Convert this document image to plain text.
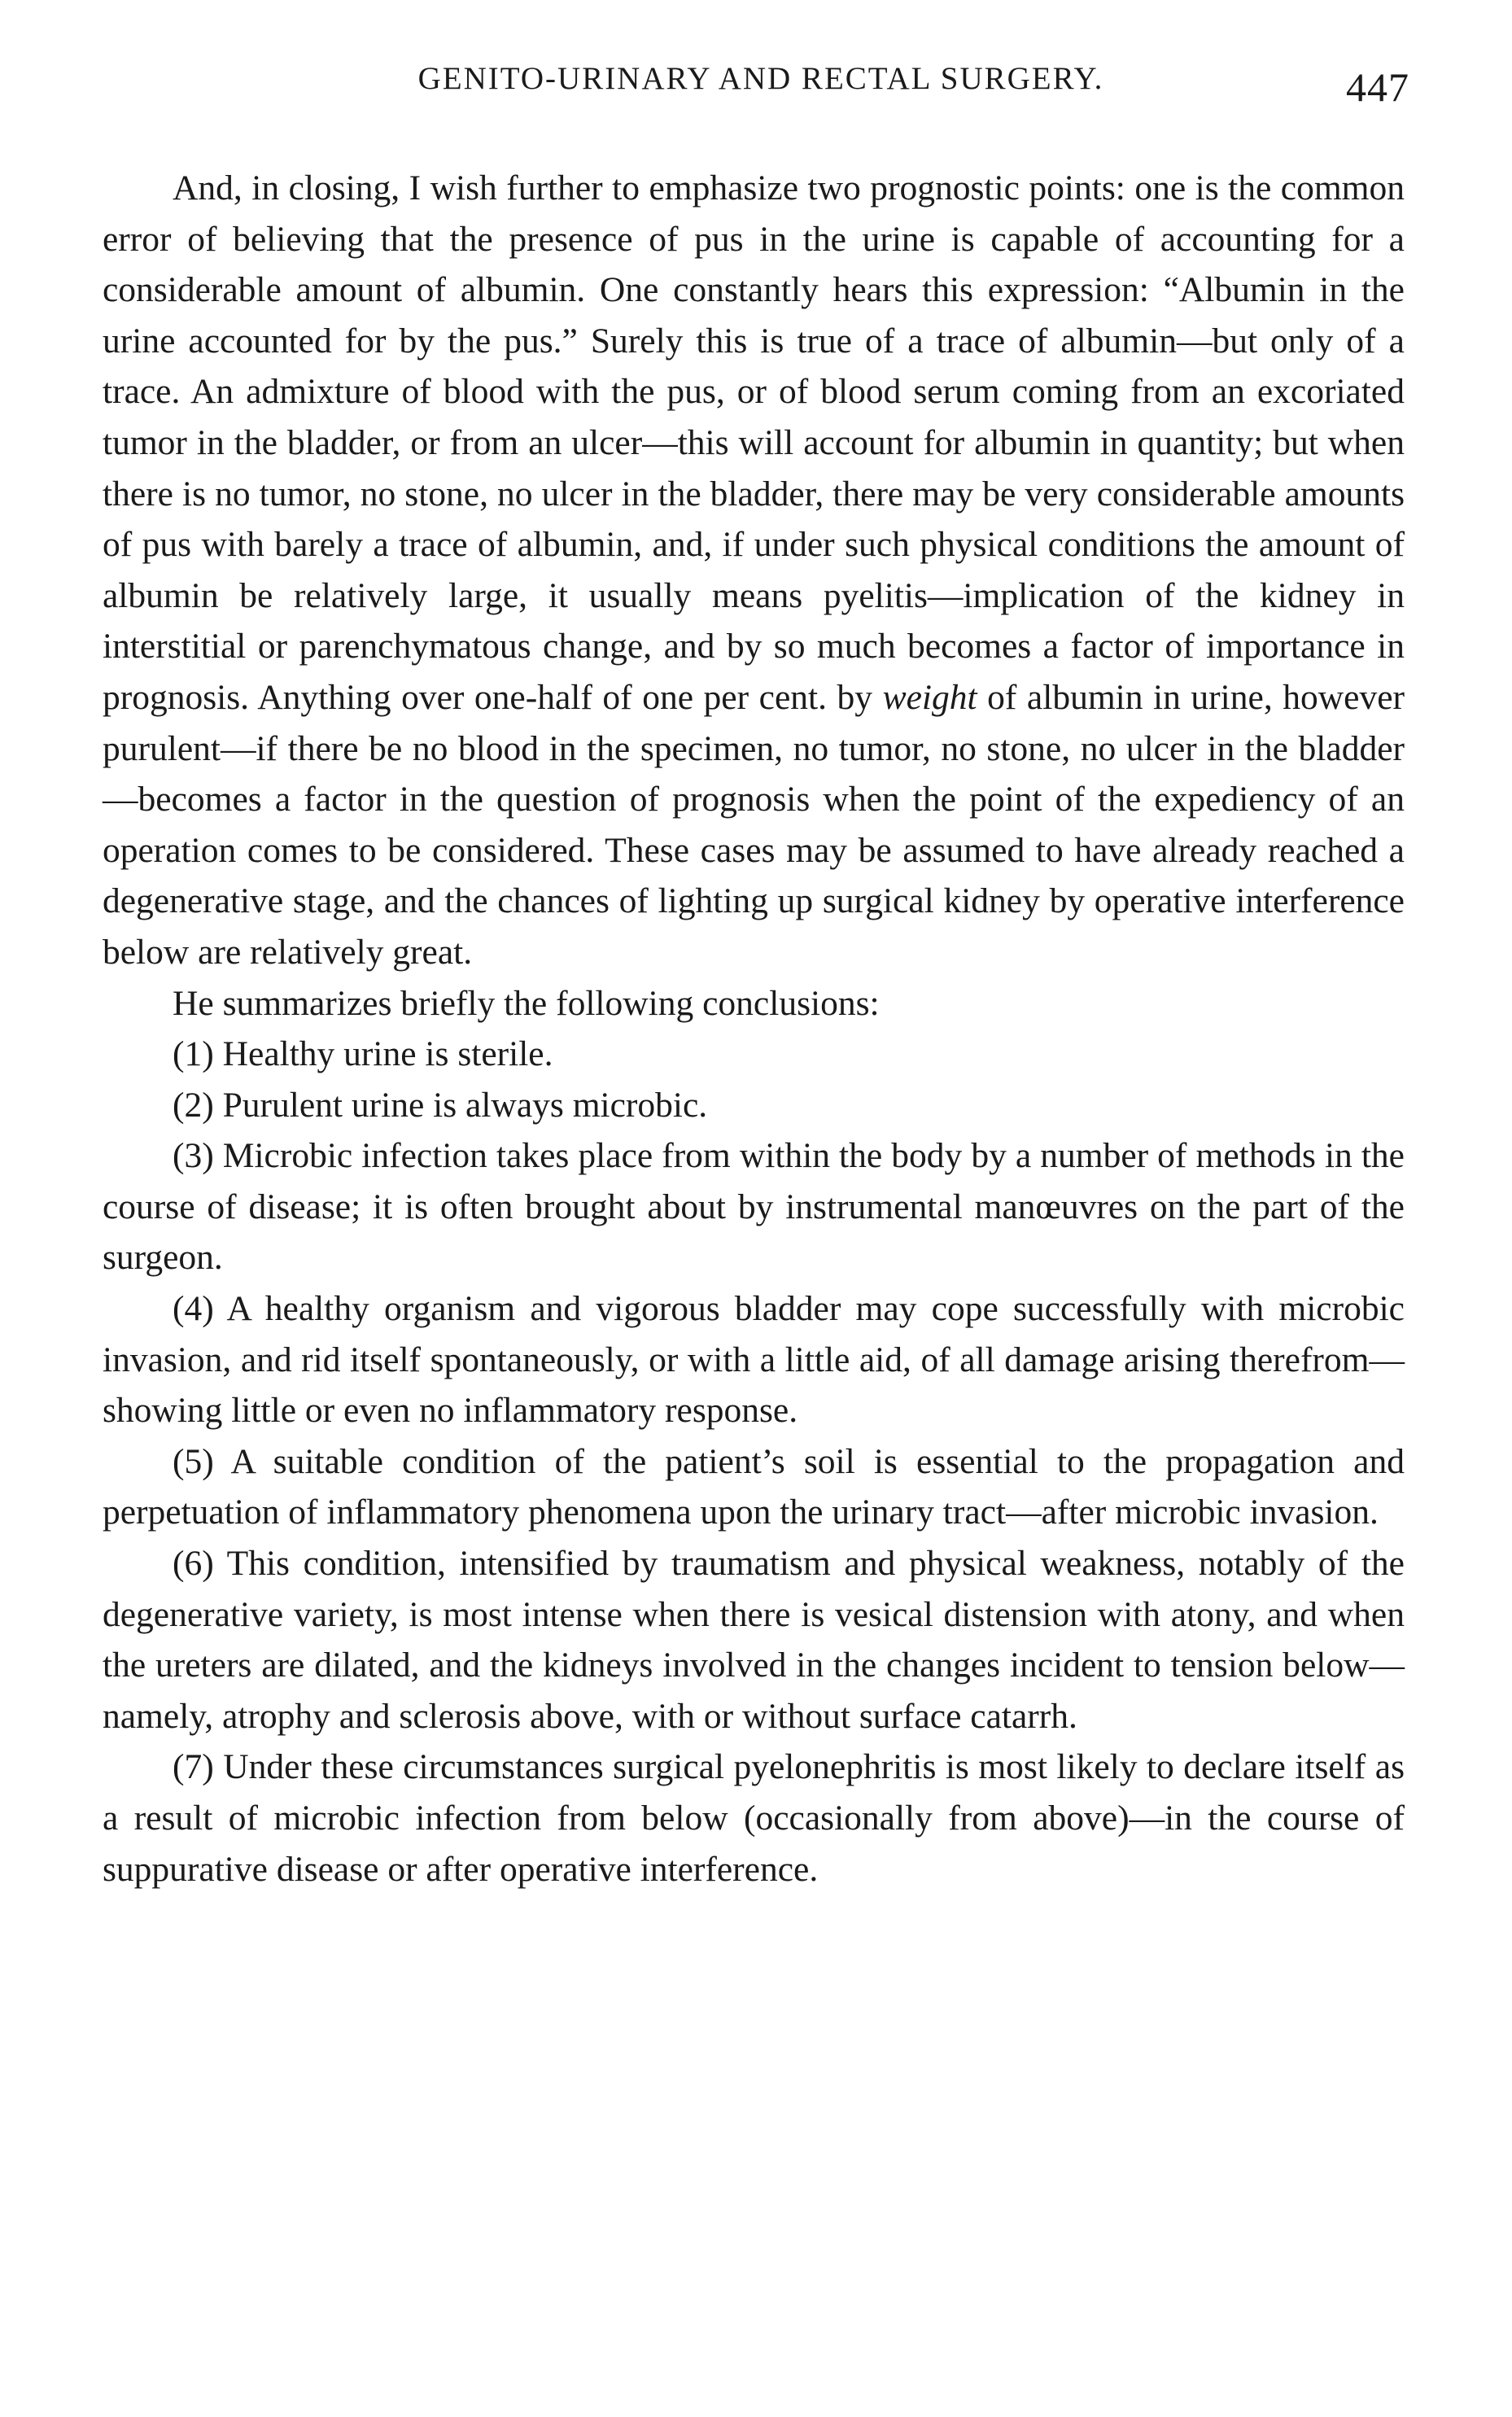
GENITO-URINARY AND RECTAL SURGERY.	447

And, in closing, I wish further to emphasize two prognostic points: one is the common error of believing that the presence of pus in the urine is capable of accounting for a considerable amount of albumin. One constantly hears this expression: “Albumin in the urine accounted for by the pus.” Surely this is true of a trace of albumin—but only of a trace. An admixture of blood with the pus, or of blood serum coming from an excoriated tumor in the bladder, or from an ulcer—this will account for albumin in quantity; but when there is no tumor, no stone, no ulcer in the bladder, there may be very considerable amounts of pus with barely a trace of albumin, and, if under such physical conditions the amount of albumin be relatively large, it usually means pyelitis—implication of the kidney in interstitial or parenchymatous change, and by so much becomes a factor of importance in prognosis. Anything over one-half of one per cent. by weight of albumin in urine, however purulent—if there be no blood in the specimen, no tumor, no stone, no ulcer in the bladder—becomes a factor in the question of prognosis when the point of the expediency of an operation comes to be considered. These cases may be assumed to have already reached a degenerative stage, and the chances of lighting up surgical kidney by operative interference below are relatively great.

He summarizes briefly the following conclusions:

(1) Healthy urine is sterile.

(2) Purulent urine is always microbic.

(3) Microbic infection takes place from within the body by a number of methods in the course of disease; it is often brought about by instrumental manœuvres on the part of the surgeon.

(4) A healthy organism and vigorous bladder may cope successfully with microbic invasion, and rid itself spontaneously, or with a little aid, of all damage arising therefrom—showing little or even no inflammatory response.

(5) A suitable condition of the patient’s soil is essential to the propagation and perpetuation of inflammatory phenomena upon the urinary tract—after microbic invasion.

(6) This condition, intensified by traumatism and physical weakness, notably of the degenerative variety, is most intense when there is vesical distension with atony, and when the ureters are dilated, and the kidneys involved in the changes incident to tension below—namely, atrophy and sclerosis above, with or without surface catarrh.

(7) Under these circumstances surgical pyelonephritis is most likely to declare itself as a result of microbic infection from below (occasionally from above)—in the course of suppurative disease or after operative interference.
